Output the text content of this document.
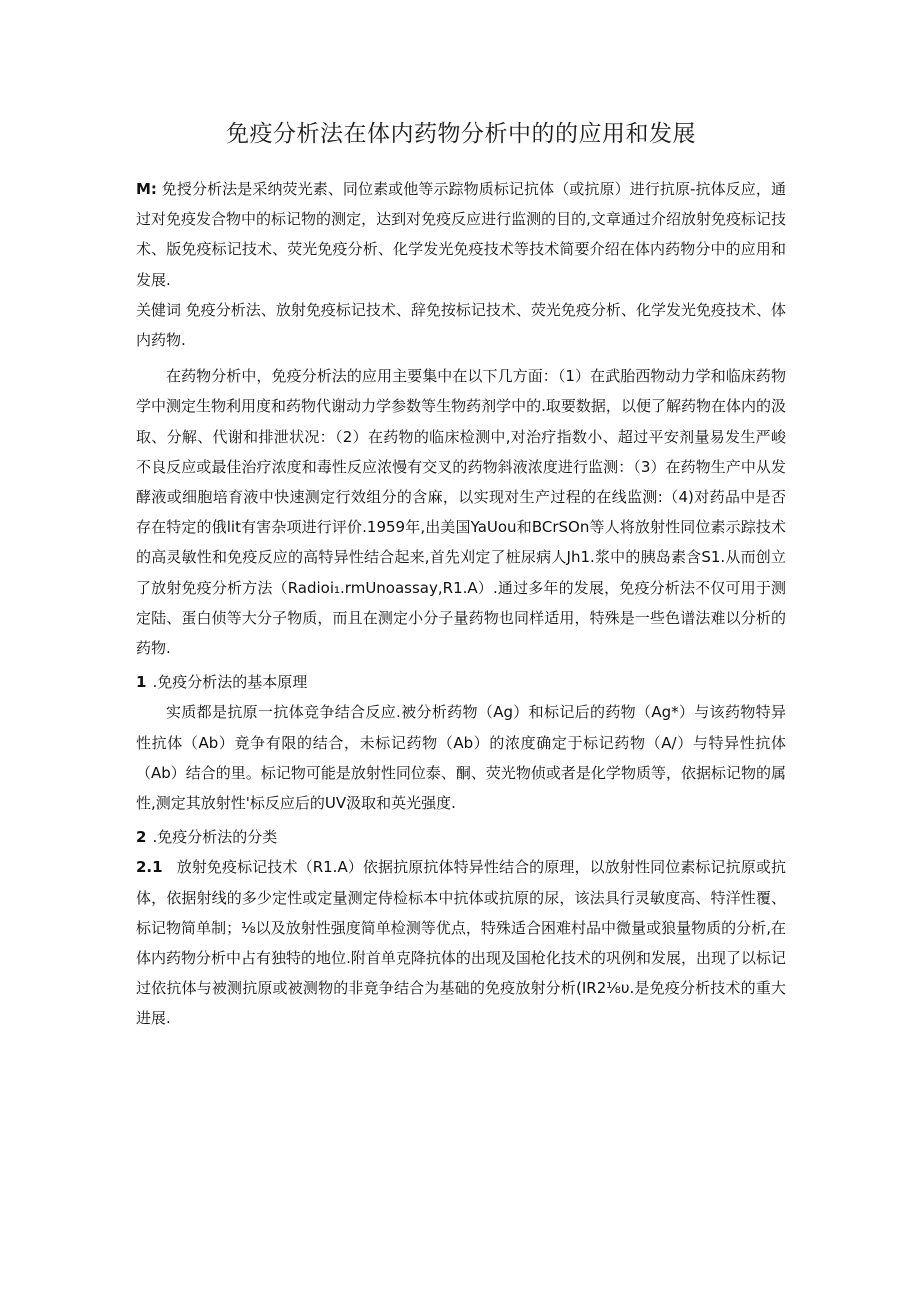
免疫分析法在体内药物分析中的的应用和发展

M: 免授分析法是采纳荧光素、同位素或他等示踪物质标记抗体（或抗原）进行抗原-抗体反应，通过对免疫发合物中的标记物的测定，达到对免疫反应进行监测的目的,文章通过介绍放射免疫标记技术、版免疫标记技术、荧光免疫分析、化学发光免疫技术等技术简要介绍在体内药物分中的应用和发展.

关健词 免疫分析法、放射免疫标记技术、辞免按标记技术、荧光免疫分析、化学发光免疫技术、体内药物.

在药物分析中，免疫分析法的应用主要集中在以下几方面：（1）在武胎西物动力学和临床药物学中测定生物利用度和药物代谢动力学参数等生物药剂学中的.取要数据，以便了解药物在体内的汲取、分解、代谢和排泄状况：（2）在药物的临床检测中,对治疗指数小、超过平安剂量易发生严峻不良反应或最佳治疗浓度和毒性反应浓慢有交叉的药物斜液浓度进行监测：（3）在药物生产中从发酵液或细胞培育液中快速测定行效组分的含麻，以实现对生产过程的在线监测:（4)对药品中是否存在特定的俄lit有害杂项进行评价.1959年,出美国YaUou和BCrSOn等人将放射性同位素示踪技术的高灵敏性和免疫反应的高特异性结合起来,首先刈定了桩尿病人Jh1.浆中的胰岛素含S1.从而创立了放射免疫分析方法（Radioi₁.rmUnoassay,R1.A）.通过多年的发展，免疫分析法不仅可用于测定陆、蛋白侦等大分子物质，而且在测定小分子量药物也同样适用，特殊是一些色谱法难以分析的药物.

1 .免疫分析法的基本原理

实质都是抗原一抗体竞争结合反应.被分析药物（Ag）和标记后的药物（Ag*）与该药物特异性抗体（Ab）竟争有限的结合，未标记药物（Ab）的浓度确定于标记药物（A/）与特异性抗体（Ab）结合的里。标记物可能是放射性同位泰、酮、荧光物侦或者是化学物质等，依据标记物的属性,测定其放射性'标反应后的UV汲取和英光强度.

2 .免疫分析法的分类

2.1 放射免疫标记技术（R1.A）依据抗原抗体特异性结合的原理，以放射性同位素标记抗原或抗体，依据射线的多少定性或定量测定侍检标本中抗体或抗原的尿，该法具行灵敏度高、特洋性覆、标记物简单制；⅛以及放射性强度简单检测等优点，特殊适合困难村品中微量或狼量物质的分析,在体内药物分析中占有独特的地位.附首单克降抗体的出现及国枪化技术的巩例和发展，出现了以标记过依抗体与被测抗原或被测物的非竟争结合为基础的免疫放射分析(IR2⅛υ.是免疫分析技术的重大进展.
